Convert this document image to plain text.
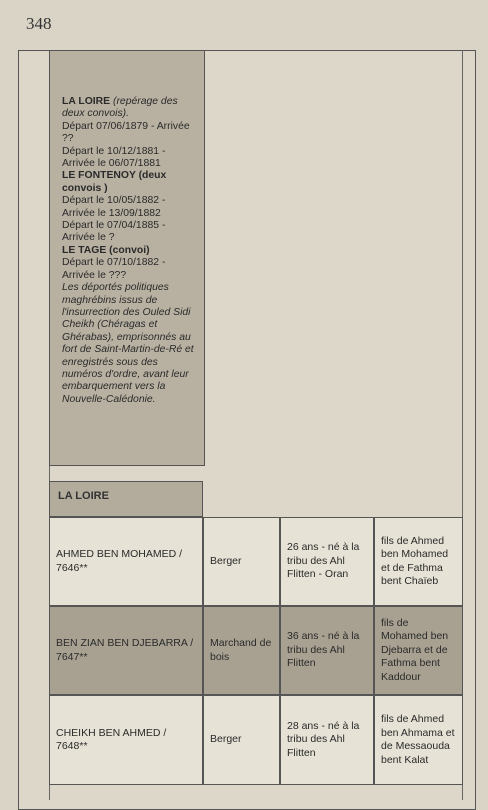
348

LA LOIRE (repérage des deux convois).

Départ 07/06/1879 - Arrivée ??

Départ le 10/12/1881 - Arrivée le 06/07/1881

LE FONTENOY (deux convois )

Départ le 10/05/1882 - Arrivée le 13/09/1882

Départ le 07/04/1885 - Arrivée le ?

LE TAGE (convoi)

Départ le 07/10/1882 - Arrivée le ???

Les déportés politiques maghrébins issus de l'insurrection des Ouled Sidi Cheikh (Chéragas et Ghérabas), emprisonnés au fort de Saint-Martin-de-Ré et enregistrés sous des numéros d'ordre, avant leur embarquement vers la Nouvelle-Calédonie.

LA LOIRE
AHMED BEN MOHAMED / 7646**
Berger
26 ans - né à la tribu des Ahl Flitten - Oran
fils de Ahmed ben Mohamed et de Fathma bent Chaïeb
BEN ZIAN BEN DJEBARRA / 7647**
Marchand de bois
36 ans - né à la tribu des Ahl Flitten
fils de Mohamed ben Djebarra et de Fathma bent Kaddour
CHEIKH BEN AHMED / 7648**
Berger
28 ans - né à la tribu des Ahl Flitten
fils de Ahmed ben Ahmama et de Messaouda bent Kalat
